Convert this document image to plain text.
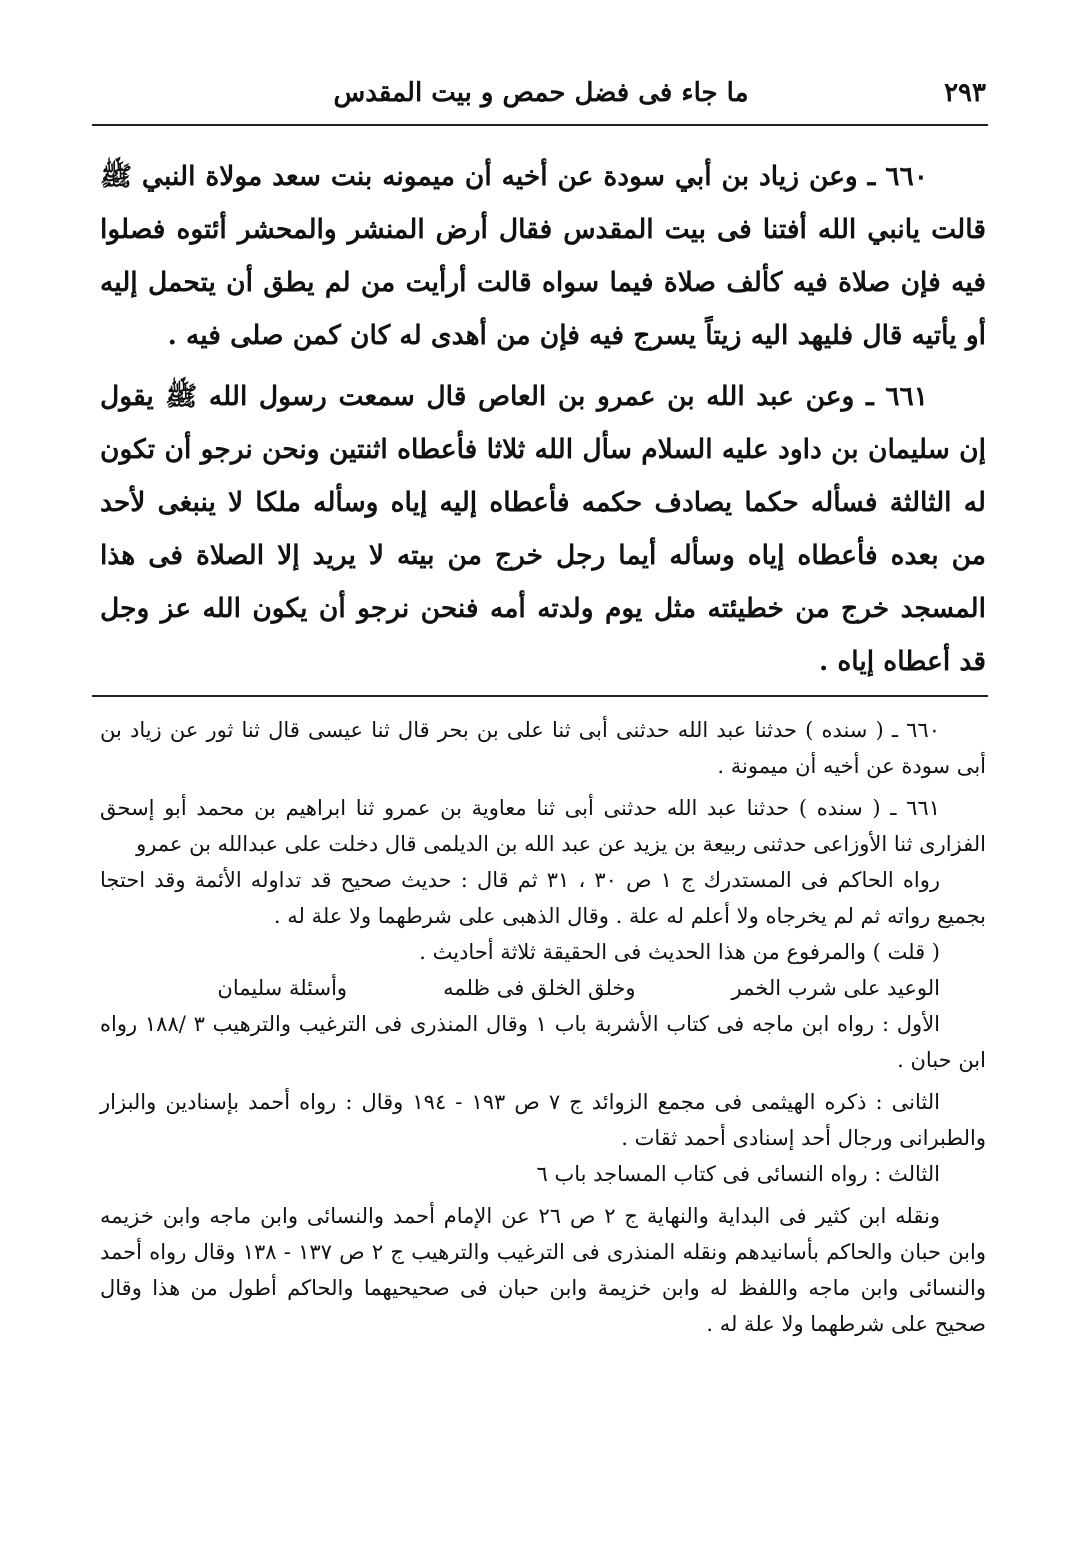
٢٩٣
ما جاء فى فضل حمص و بيت المقدس

٦٦٠ ـ وعن زياد بن أبي سودة عن أخيه أن ميمونه بنت سعد مولاة النبي ﷺ قالت يانبي الله أفتنا فى بيت المقدس فقال أرض المنشر والمحشر أئتوه فصلوا فيه فإن صلاة فيه كألف صلاة فيما سواه قالت أرأيت من لم يطق أن يتحمل إليه أو يأتيه قال فليهد اليه زيتاً يسرج فيه فإن من أهدى له كان كمن صلى فيه .

٦٦١ ـ وعن عبد الله بن عمرو بن العاص قال سمعت رسول الله ﷺ يقول إن سليمان بن داود عليه السلام سأل الله ثلاثا فأعطاه اثنتين ونحن نرجو أن تكون له الثالثة فسأله حكما يصادف حكمه فأعطاه إليه إياه وسأله ملكا لا ينبغى لأحد من بعده فأعطاه إياه وسأله أيما رجل خرج من بيته لا يريد إلا الصلاة فى هذا المسجد خرج من خطيئته مثل يوم ولدته أمه فنحن نرجو أن يكون الله عز وجل قد أعطاه إياه .

٦٦٠ ـ ( سنده ) حدثنا عبد الله حدثنى أبى ثنا على بن بحر قال ثنا عيسى قال ثنا ثور عن زياد بن أبى سودة عن أخيه أن ميمونة .

٦٦١ ـ ( سنده ) حدثنا عبد الله حدثنى أبى ثنا معاوية بن عمرو ثنا ابراهيم بن محمد أبو إسحق الفزارى ثنا الأوزاعى حدثنى ربيعة بن يزيد عن عبد الله بن الديلمى قال دخلت على عبدالله بن عمرو

رواه الحاكم فى المستدرك ج ١ ص ٣٠ ، ٣١ ثم قال : حديث صحيح قد تداوله الأئمة وقد احتجا بجميع رواته ثم لم يخرجاه ولا أعلم له علة . وقال الذهبى على شرطهما ولا علة له .

( قلت ) والمرفوع من هذا الحديث فى الحقيقة ثلاثة أحاديث .

الوعيد على شرب الخمر
وخلق الخلق فى ظلمه
وأسئلة سليمان

الأول : رواه ابن ماجه فى كتاب الأشربة باب ١ وقال المنذرى فى الترغيب والترهيب ٣ /١٨٨ رواه ابن حبان .

الثانى : ذكره الهيثمى فى مجمع الزوائد ج ٧ ص ١٩٣ - ١٩٤ وقال : رواه أحمد بإسنادين والبزار والطبرانى ورجال أحد إسنادى أحمد ثقات .

الثالث : رواه النسائى فى كتاب المساجد باب ٦

ونقله ابن كثير فى البداية والنهاية ج ٢ ص ٢٦ عن الإمام أحمد والنسائى وابن ماجه وابن خزيمه وابن حبان والحاكم بأسانيدهم ونقله المنذرى فى الترغيب والترهيب ج ٢ ص ١٣٧ - ١٣٨ وقال رواه أحمد والنسائى وابن ماجه واللفظ له وابن خزيمة وابن حبان فى صحيحيهما والحاكم أطول من هذا وقال صحيح على شرطهما ولا علة له .
